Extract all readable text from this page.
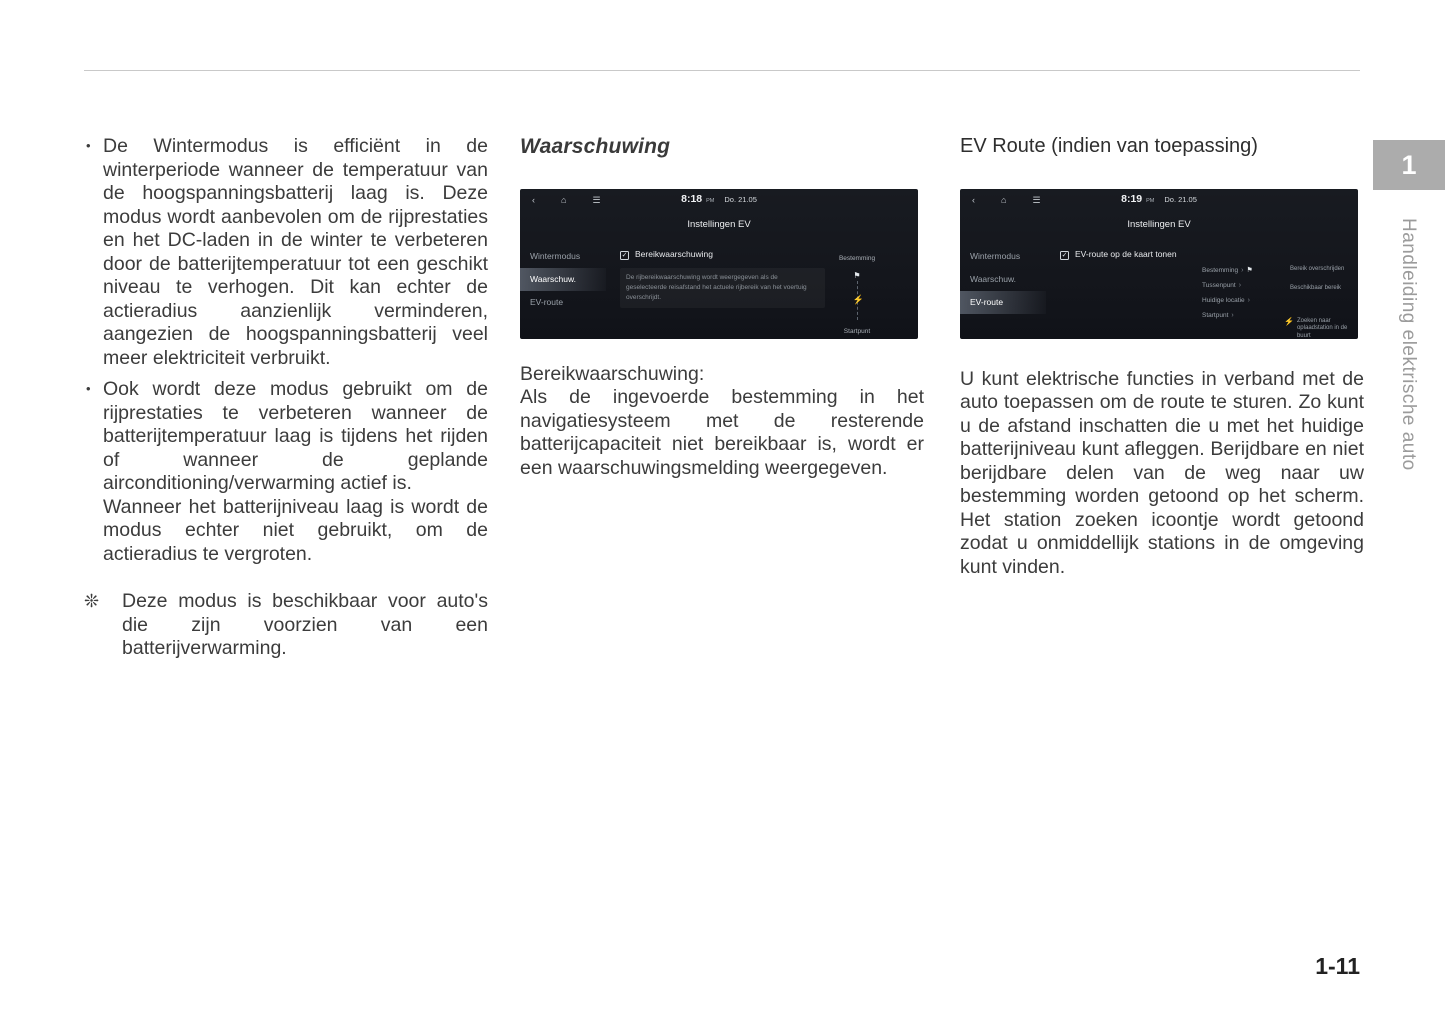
• De Wintermodus is efficiënt in de winterperiode wanneer de temperatuur van de hoogspanningsbatterij laag is. Deze modus wordt aanbevolen om de rijprestaties en het DC-laden in de winter te verbeteren door de batterijtemperatuur tot een geschikt niveau te verhogen. Dit kan echter de actieradius aanzienlijk verminderen, aangezien de hoogspanningsbatterij veel meer elektriciteit verbruikt.

• Ook wordt deze modus gebruikt om de rijprestaties te verbeteren wanneer de batterijtemperatuur laag is tijdens het rijden of wanneer de geplande airconditioning/verwarming actief is.

Wanneer het batterijniveau laag is wordt de modus echter niet gebruikt, om de actieradius te vergroten.

❊	Deze modus is beschikbaar voor auto's die zijn voorzien van een batterijverwarming.

Waarschuwing
‹	⌂	☰	8:18 PM Do. 21.05
Instellingen EV
Wintermodus
Waarschuw.
EV-route
✓ Bereikwaarschuwing
De rijbereikwaarschuwing wordt weergegeven als de geselecteerde reisafstand het actuele rijbereik van het voertuig overschrijdt.
Bestemming
⚑
⚡
Startpunt

Bereikwaarschuwing:

Als de ingevoerde bestemming in het navigatiesysteem met de resterende batterijcapaciteit niet bereikbaar is, wordt er een waarschuwingsmelding weergegeven.

EV Route (indien van toepassing)
‹	⌂	☰	8:19 PM Do. 21.05
Instellingen EV
Wintermodus
Waarschuw.
EV-route
✓ EV-route op de kaart tonen
Bestemming › ⚑
Tussenpunt ›
Huidige locatie ›
Startpunt ›
Bereik overschrijden
Beschikbaar bereik
⚡ Zoeken naar oplaadstation in de buurt

U kunt elektrische functies in verband met de auto toepassen om de route te sturen. Zo kunt u de afstand inschatten die u met het huidige batterijniveau kunt afleggen. Berijdbare en niet berijdbare delen van de weg naar uw bestemming worden getoond op het scherm. Het station zoeken icoontje wordt getoond zodat u onmiddellijk stations in de omgeving kunt vinden.

1
Handleiding elektrische auto
1-11
